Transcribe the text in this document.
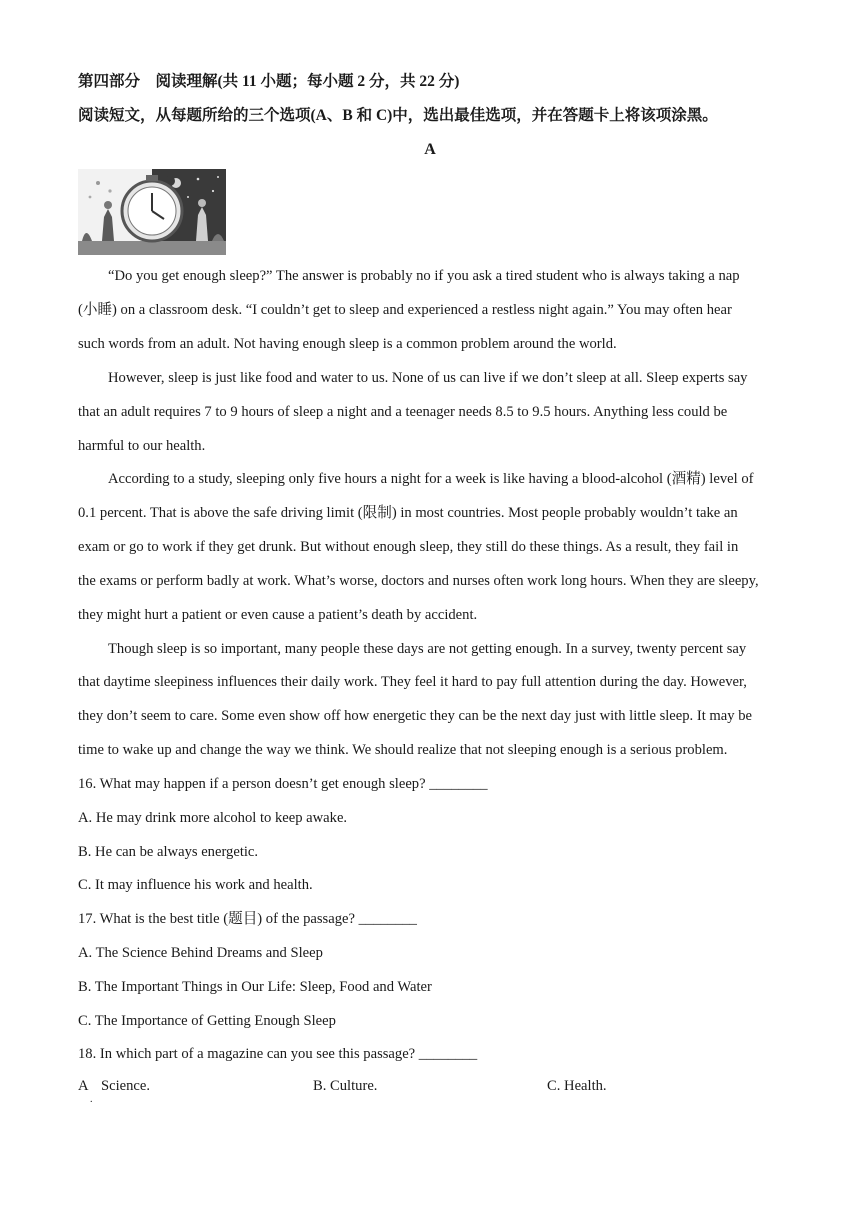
第四部分　阅读理解(共 11 小题；每小题 2 分，共 22 分)
阅读短文，从每题所给的三个选项(A、B 和 C)中，选出最佳选项，并在答题卡上将该项涂黑。
A
“Do you get enough sleep?” The answer is probably no if you ask a tired student who is always taking a nap
(小睡) on a classroom desk. “I couldn’t get to sleep and experienced a restless night again.” You may often hear
such words from an adult. Not having enough sleep is a common problem around the world.
However, sleep is just like food and water to us. None of us can live if we don’t sleep at all. Sleep experts say
that an adult requires 7 to 9 hours of sleep a night and a teenager needs 8.5 to 9.5 hours. Anything less could be
harmful to our health.
According to a study, sleeping only five hours a night for a week is like having a blood-alcohol (酒精) level of
0.1 percent. That is above the safe driving limit (限制) in most countries. Most people probably wouldn’t take an
exam or go to work if they get drunk. But without enough sleep, they still do these things. As a result, they fail in
the exams or perform badly at work. What’s worse, doctors and nurses often work long hours. When they are sleepy,
they might hurt a patient or even cause a patient’s death by accident.
Though sleep is so important, many people these days are not getting enough. In a survey, twenty percent say
that daytime sleepiness influences their daily work. They feel it hard to pay full attention during the day. However,
they don’t seem to care. Some even show off how energetic they can be the next day just with little sleep. It may be
time to wake up and change the way we think. We should realize that not sleeping enough is a serious problem.
16. What may happen if a person doesn’t get enough sleep? ________
A. He may drink more alcohol to keep awake.
B. He can be always energetic.
C. It may influence his work and health.
17. What is the best title (题目) of the passage? ________
A. The Science Behind Dreams and Sleep
B. The Important Things in Our Life: Sleep, Food and Water
C. The Importance of Getting Enough Sleep
18. In which part of a magazine can you see this passage? ________
A Science.	B. Culture.	C. Health.
.
